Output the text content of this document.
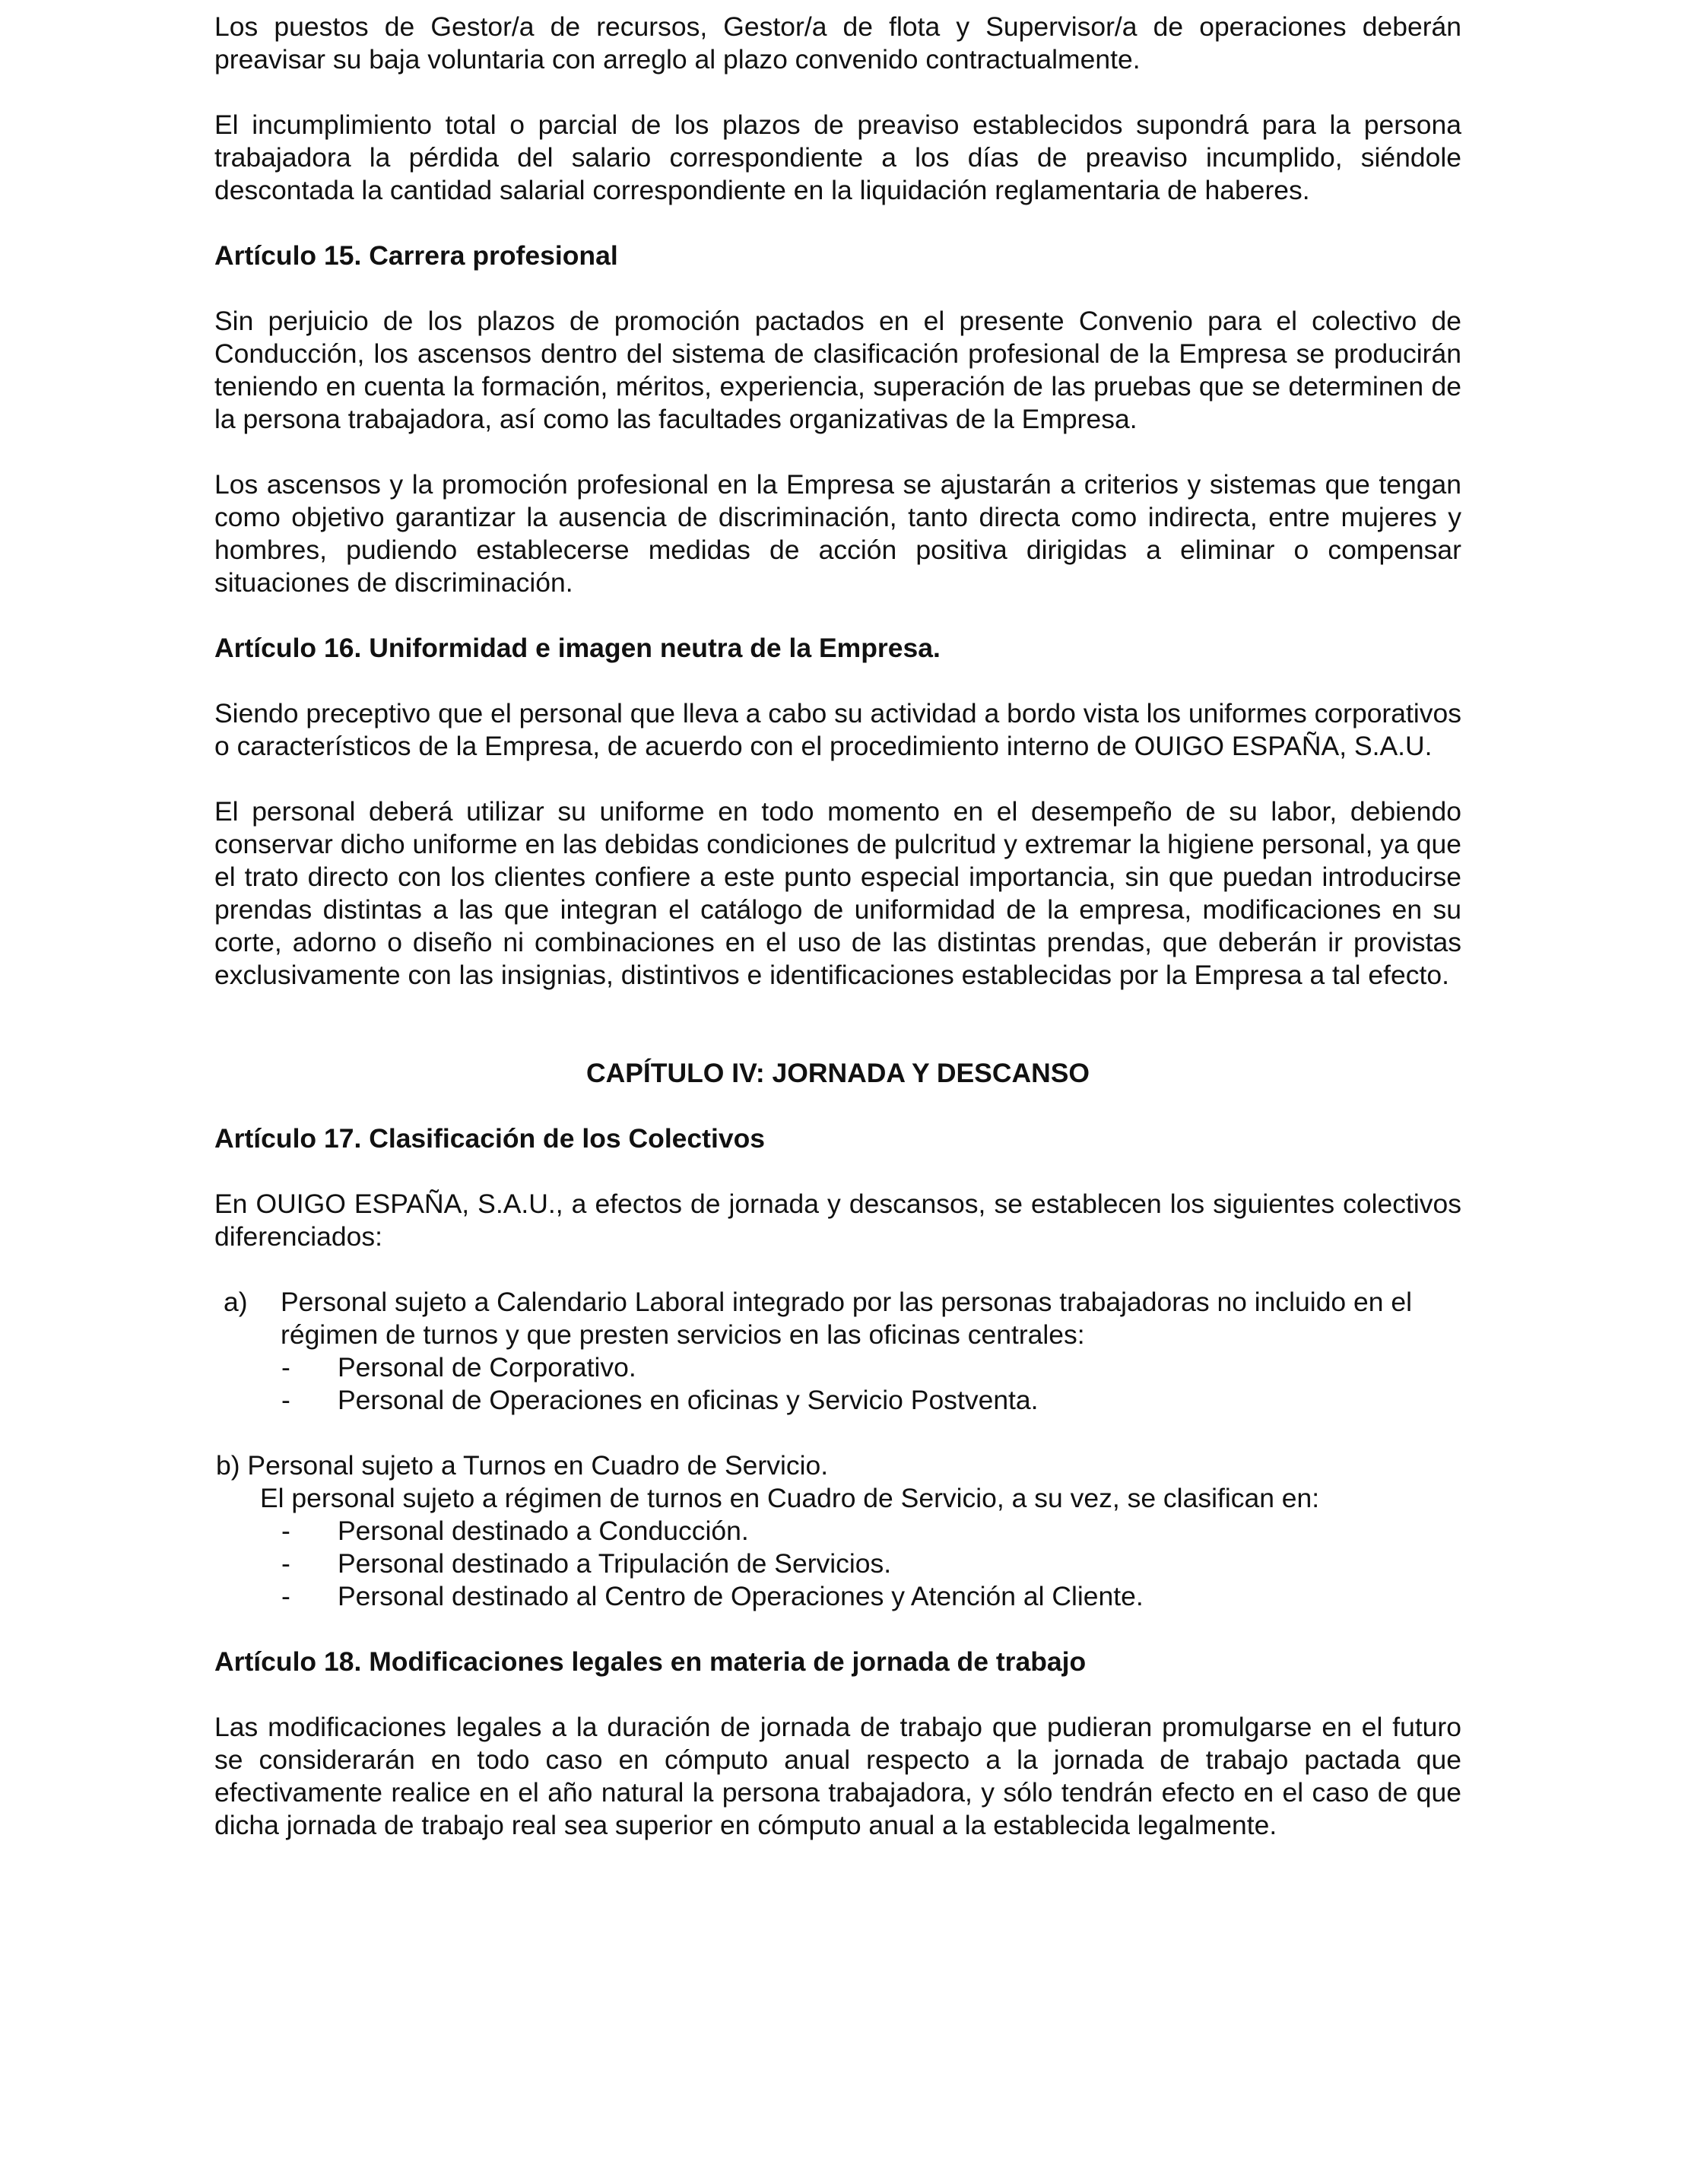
Los puestos de Gestor/a de recursos, Gestor/a de flota y Supervisor/a de operaciones deberán preavisar su baja voluntaria con arreglo al plazo convenido contractualmente.

El incumplimiento total o parcial de los plazos de preaviso establecidos supondrá para la persona trabajadora la pérdida del salario correspondiente a los días de preaviso incumplido, siéndole descontada la cantidad salarial correspondiente en la liquidación reglamentaria de haberes.

Artículo 15. Carrera profesional

Sin perjuicio de los plazos de promoción pactados en el presente Convenio para el colectivo de Conducción, los ascensos dentro del sistema de clasificación profesional de la Empresa se producirán teniendo en cuenta la formación, méritos, experiencia, superación de las pruebas que se determinen de la persona trabajadora, así como las facultades organizativas de la Empresa.

Los ascensos y la promoción profesional en la Empresa se ajustarán a criterios y sistemas que tengan como objetivo garantizar la ausencia de discriminación, tanto directa como indirecta, entre mujeres y hombres, pudiendo establecerse medidas de acción positiva dirigidas a eliminar o compensar situaciones de discriminación.

Artículo 16. Uniformidad e imagen neutra de la Empresa.

Siendo preceptivo que el personal que lleva a cabo su actividad a bordo vista los uniformes corporativos o característicos de la Empresa, de acuerdo con el procedimiento interno de OUIGO ESPAÑA, S.A.U.

El personal deberá utilizar su uniforme en todo momento en el desempeño de su labor, debiendo conservar dicho uniforme en las debidas condiciones de pulcritud y extremar la higiene personal, ya que el trato directo con los clientes confiere a este punto especial importancia, sin que puedan introducirse prendas distintas a las que integran el catálogo de uniformidad de la empresa, modificaciones en su corte, adorno o diseño ni combinaciones en el uso de las distintas prendas, que deberán ir provistas exclusivamente con las insignias, distintivos e identificaciones establecidas por la Empresa a tal efecto.

CAPÍTULO IV: JORNADA Y DESCANSO

Artículo 17. Clasificación de los Colectivos

En OUIGO ESPAÑA, S.A.U., a efectos de jornada y descansos, se establecen los siguientes colectivos diferenciados:

a) Personal sujeto a Calendario Laboral integrado por las personas trabajadoras no incluido en el régimen de turnos y que presten servicios en las oficinas centrales:
- Personal de Corporativo.
- Personal de Operaciones en oficinas y Servicio Postventa.
b) Personal sujeto a Turnos en Cuadro de Servicio.
El personal sujeto a régimen de turnos en Cuadro de Servicio, a su vez, se clasifican en:
- Personal destinado a Conducción.
- Personal destinado a Tripulación de Servicios.
- Personal destinado al Centro de Operaciones y Atención al Cliente.

Artículo 18. Modificaciones legales en materia de jornada de trabajo

Las modificaciones legales a la duración de jornada de trabajo que pudieran promulgarse en el futuro se considerarán en todo caso en cómputo anual respecto a la jornada de trabajo pactada que efectivamente realice en el año natural la persona trabajadora, y sólo tendrán efecto en el caso de que dicha jornada de trabajo real sea superior en cómputo anual a la establecida legalmente.
